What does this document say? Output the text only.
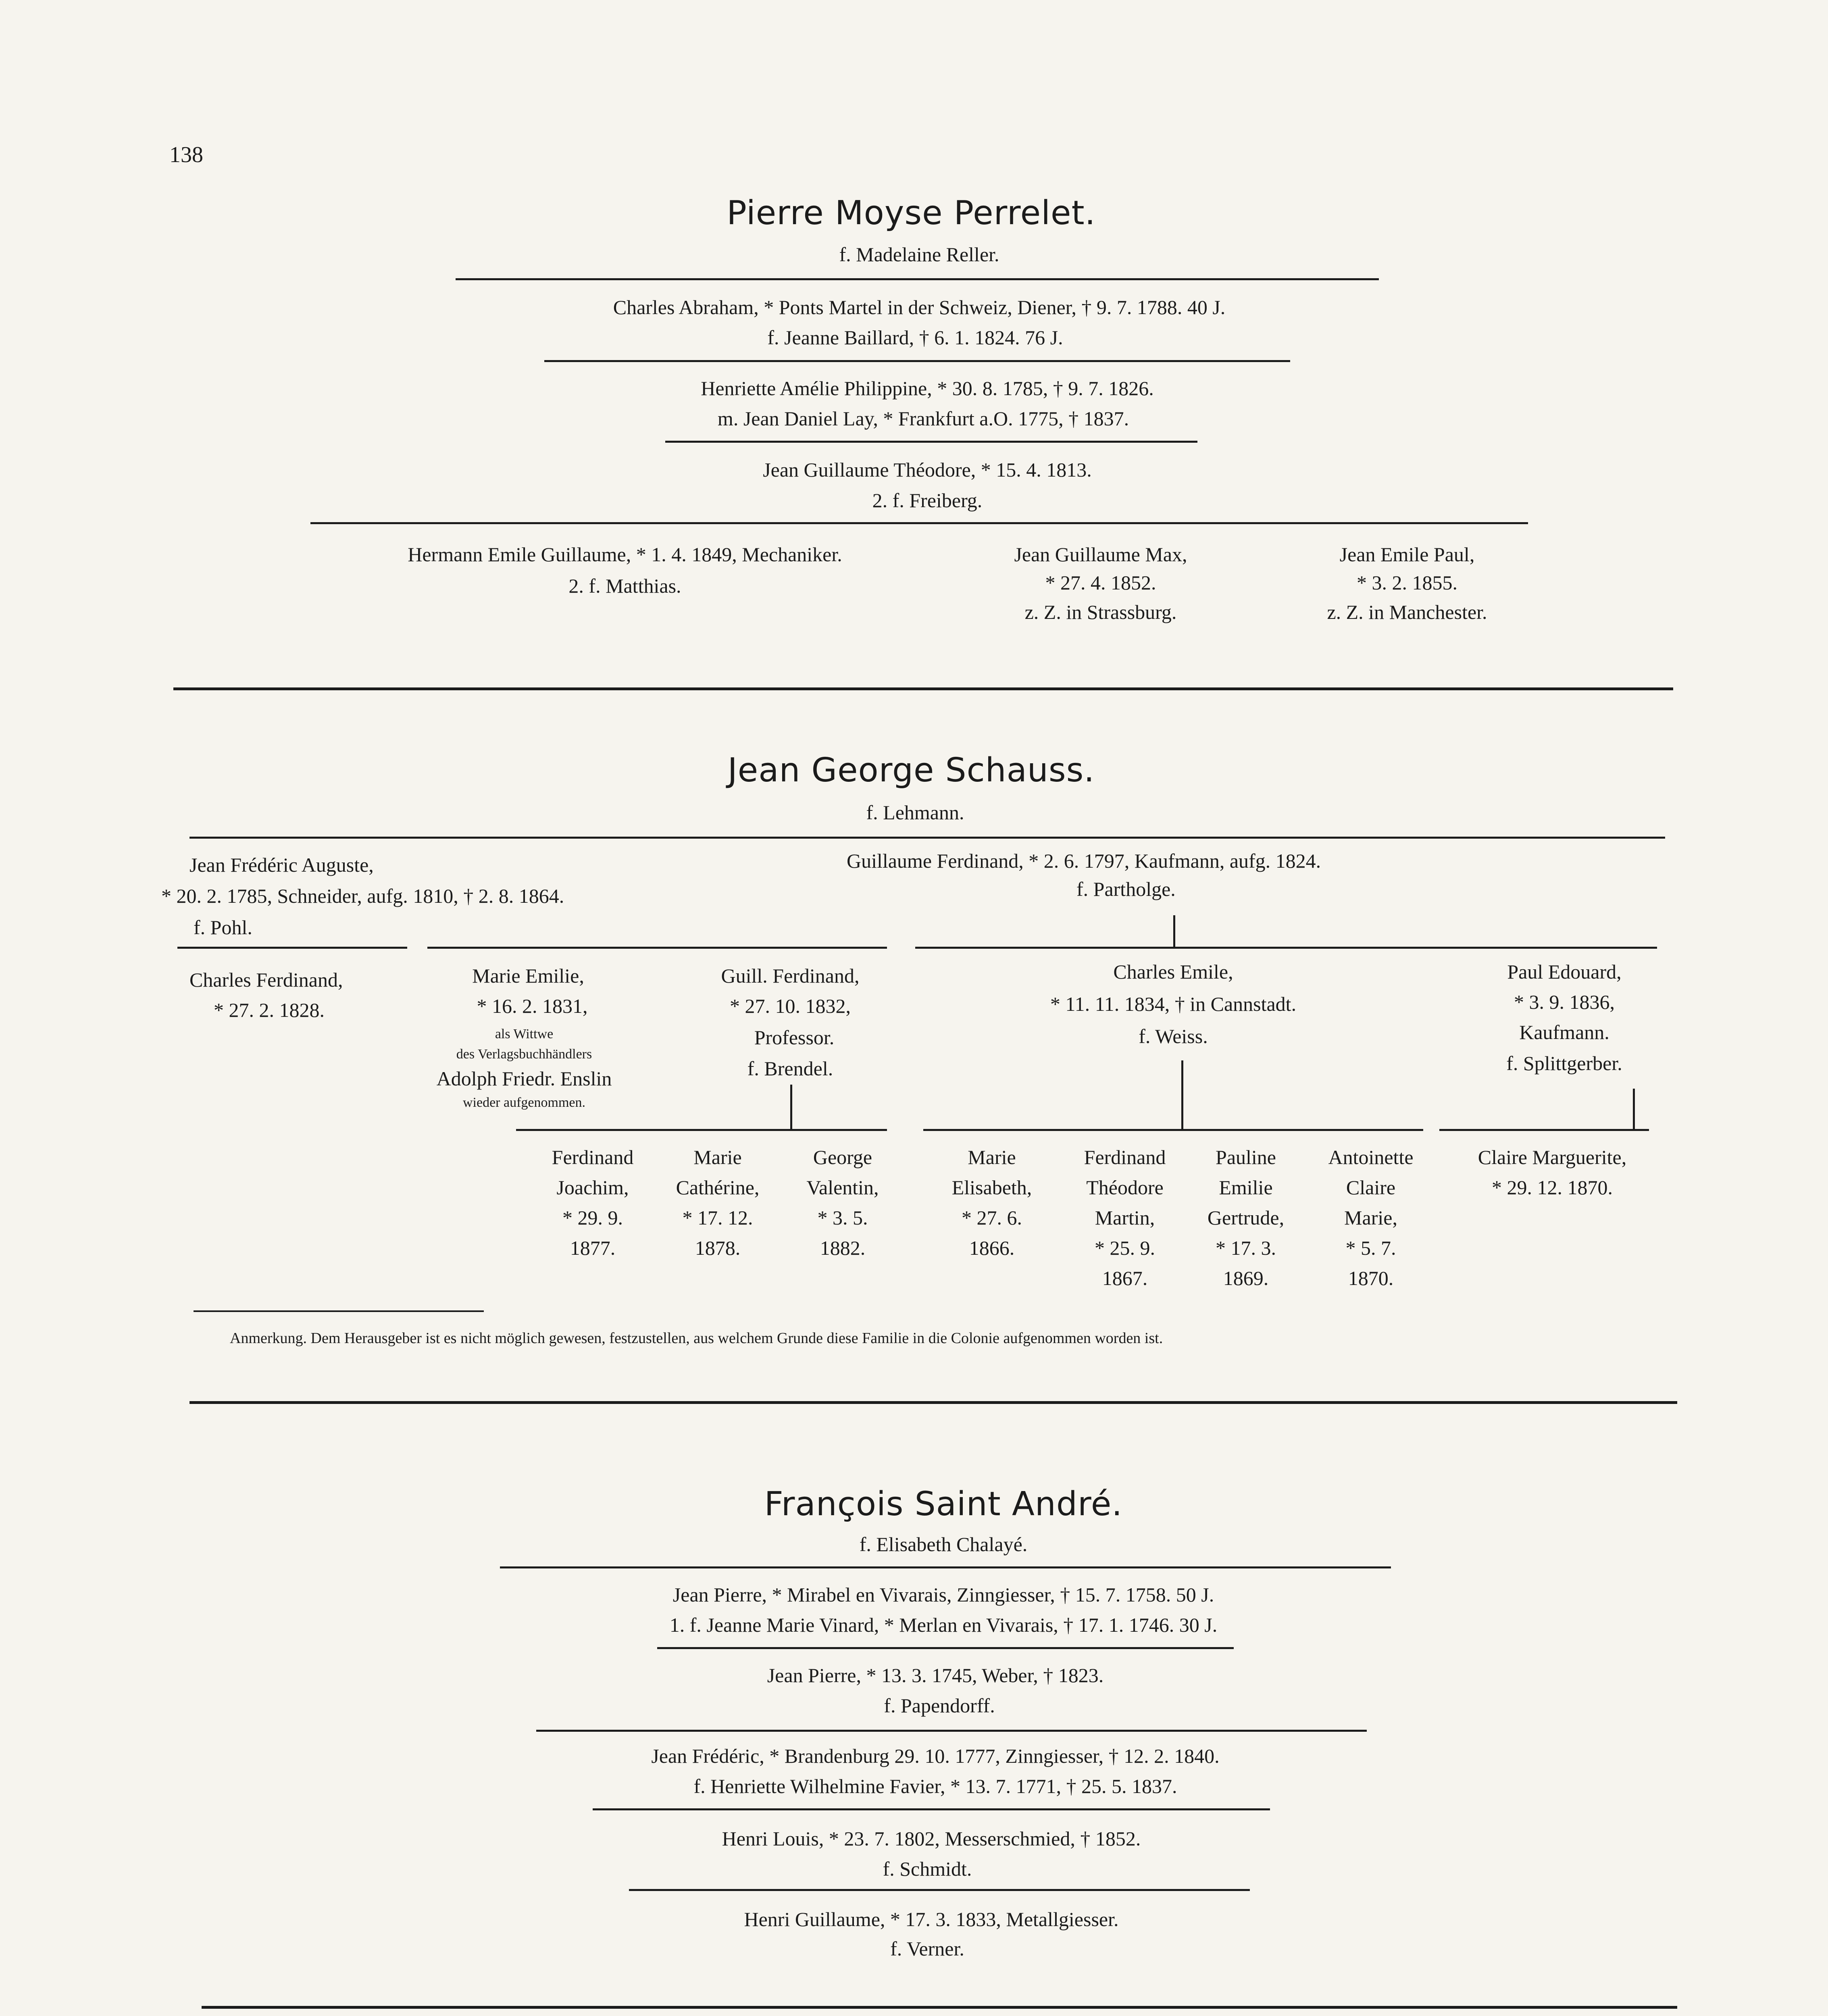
138
Pierre Moyse Perrelet.
f. Madelaine Reller.
Charles Abraham, * Ponts Martel in der Schweiz, Diener, † 9. 7. 1788. 40 J.
f. Jeanne Baillard, † 6. 1. 1824. 76 J.
Henriette Amélie Philippine, * 30. 8. 1785, † 9. 7. 1826.
m. Jean Daniel Lay, * Frankfurt a.O. 1775, † 1837.
Jean Guillaume Théodore, * 15. 4. 1813.
2. f. Freiberg.
Hermann Emile Guillaume, * 1. 4. 1849, Mechaniker.
2. f. Matthias.
Jean Guillaume Max,
* 27. 4. 1852.
z. Z. in Strassburg.
Jean Emile Paul,
* 3. 2. 1855.
z. Z. in Manchester.
Jean George Schauss.
f. Lehmann.
Jean Frédéric Auguste,
* 20. 2. 1785, Schneider, aufg. 1810, † 2. 8. 1864.
f. Pohl.
Guillaume Ferdinand, * 2. 6. 1797, Kaufmann, aufg. 1824.
f. Partholge.
Charles Ferdinand,
* 27. 2. 1828.
Marie Emilie,
* 16. 2. 1831,
als Wittwe
des Verlagsbuchhändlers
Adolph Friedr. Enslin
wieder aufgenommen.
Guill. Ferdinand,
* 27. 10. 1832,
Professor.
f. Brendel.
Charles Emile,
* 11. 11. 1834, † in Cannstadt.
f. Weiss.
Paul Edouard,
* 3. 9. 1836,
Kaufmann.
f. Splittgerber.
Ferdinand
Joachim,
* 29. 9.
1877.
Marie
Cathérine,
* 17. 12.
1878.
George
Valentin,
* 3. 5.
1882.
Marie
Elisabeth,
* 27. 6.
1866.
Ferdinand
Théodore
Martin,
* 25. 9.
1867.
Pauline
Emilie
Gertrude,
* 17. 3.
1869.
Antoinette
Claire
Marie,
* 5. 7.
1870.
Claire Marguerite,
* 29. 12. 1870.
Anmerkung. Dem Herausgeber ist es nicht möglich gewesen, festzustellen, aus welchem Grunde diese Familie in die Colonie aufgenommen worden ist.
François Saint André.
f. Elisabeth Chalayé.
Jean Pierre, * Mirabel en Vivarais, Zinngiesser, † 15. 7. 1758. 50 J.
1. f. Jeanne Marie Vinard, * Merlan en Vivarais, † 17. 1. 1746. 30 J.
Jean Pierre, * 13. 3. 1745, Weber, † 1823.
f. Papendorff.
Jean Frédéric, * Brandenburg 29. 10. 1777, Zinngiesser, † 12. 2. 1840.
f. Henriette Wilhelmine Favier, * 13. 7. 1771, † 25. 5. 1837.
Henri Louis, * 23. 7. 1802, Messerschmied, † 1852.
f. Schmidt.
Henri Guillaume, * 17. 3. 1833, Metallgiesser.
f. Verner.
